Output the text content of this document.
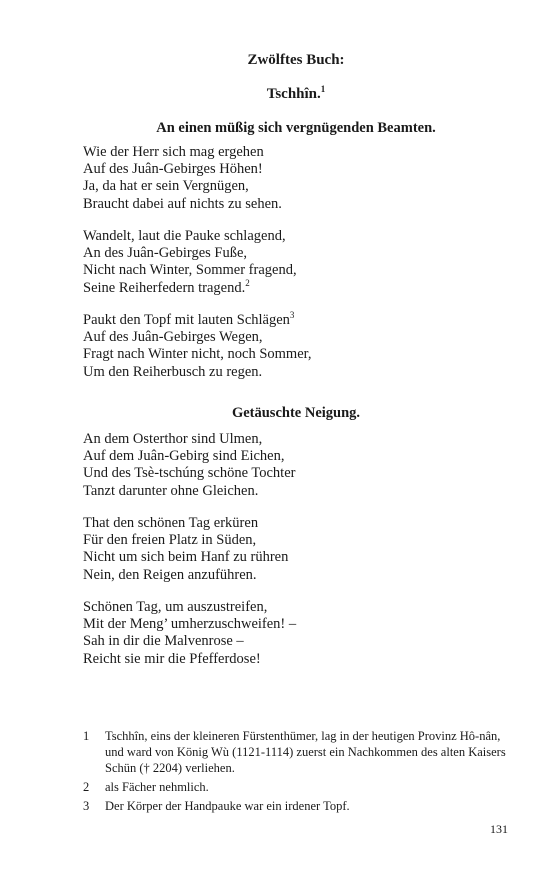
Zwölftes Buch:
Tschhîn.$^1$
An einen müßig sich vergnügenden Beamten.
Wie der Herr sich mag ergehen
Auf des Juân-Gebirges Höhen!
Ja, da hat er sein Vergnügen,
Braucht dabei auf nichts zu sehen.
Wandelt, laut die Pauke schlagend,
An des Juân-Gebirges Fuße,
Nicht nach Winter, Sommer fragend,
Seine Reiherfedern tragend.$^2$
Paukt den Topf mit lauten Schlägen$^3$
Auf des Juân-Gebirges Wegen,
Fragt nach Winter nicht, noch Sommer,
Um den Reiherbusch zu regen.
Getäuschte Neigung.
An dem Osterthor sind Ulmen,
Auf dem Juân-Gebirg sind Eichen,
Und des Tsè-tschúng schöne Tochter
Tanzt darunter ohne Gleichen.
That den schönen Tag erküren
Für den freien Platz in Süden,
Nicht um sich beim Hanf zu rühren
Nein, den Reigen anzuführen.
Schönen Tag, um auszustreifen,
Mit der Meng’ umherzuschweifen! –
Sah in dir die Malvenrose –
Reicht sie mir die Pfefferdose!
1	Tschhîn, eins der kleineren Fürstenthümer, lag in der heutigen Provinz Hô-nân, und ward von König Wù (1121-1114) zuerst ein Nachkommen des alten Kaisers Schün († 2204) verliehen.
2	als Fächer nehmlich.
3	Der Körper der Handpauke war ein irdener Topf.
131
